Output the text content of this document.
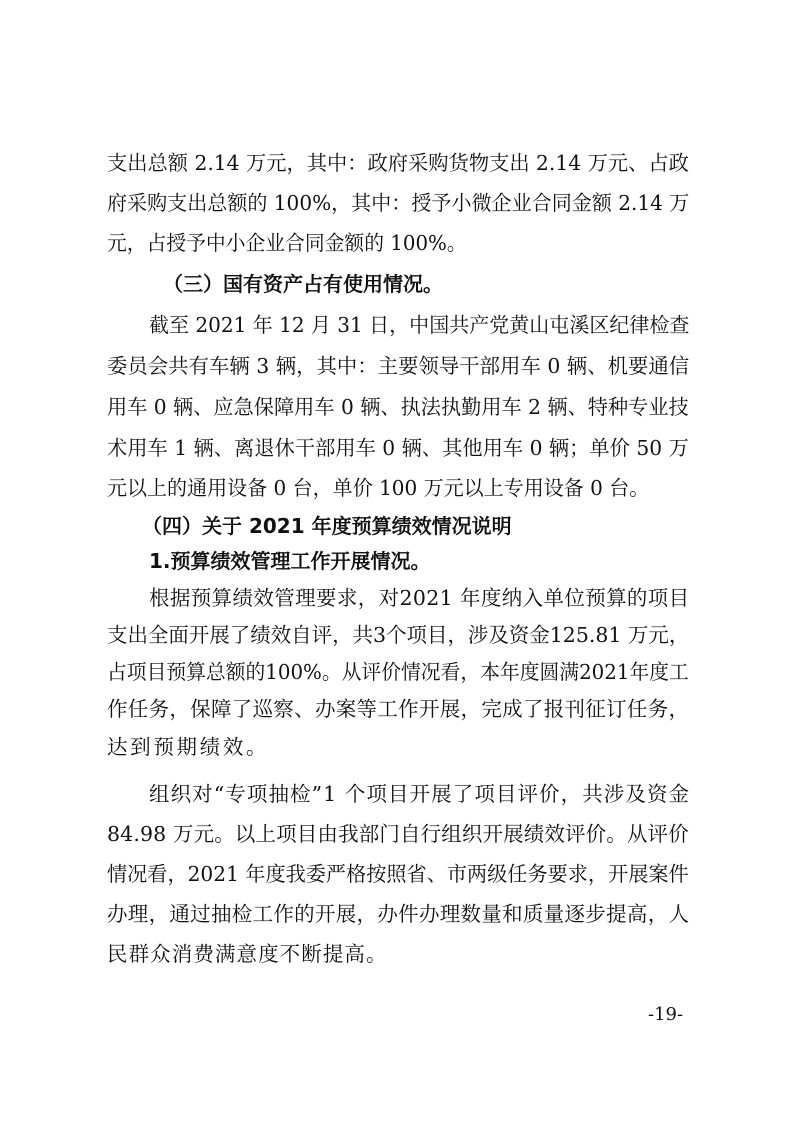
支出总额 2.14 万元，其中：政府采购货物支出 2.14 万元、占政
府采购支出总额的 100%，其中：授予小微企业合同金额 2.14 万
元，占授予中小企业合同金额的 100%。
（三）国有资产占有使用情况。
截至 2021 年 12 月 31 日，中国共产党黄山屯溪区纪律检查
委员会共有车辆 3 辆，其中：主要领导干部用车 0 辆、机要通信
用车 0 辆、应急保障用车 0 辆、执法执勤用车 2 辆、特种专业技
术用车 1 辆、离退休干部用车 0 辆、其他用车 0 辆；单价 50 万
元以上的通用设备 0 台，单价 100 万元以上专用设备 0 台。
（四）关于 2021 年度预算绩效情况说明
1.预算绩效管理工作开展情况。
根据预算绩效管理要求，对2021 年度纳入单位预算的项目
支出全面开展了绩效自评，共3个项目，涉及资金125.81 万元，
占项目预算总额的100%。从评价情况看，本年度圆满2021年度工
作任务，保障了巡察、办案等工作开展，完成了报刊征订任务，
达到预期绩效。
组织对“专项抽检”1 个项目开展了项目评价，共涉及资金
84.98 万元。以上项目由我部门自行组织开展绩效评价。从评价
情况看，2021 年度我委严格按照省、市两级任务要求，开展案件
办理，通过抽检工作的开展，办件办理数量和质量逐步提高，人
民群众消费满意度不断提高。
-19-
